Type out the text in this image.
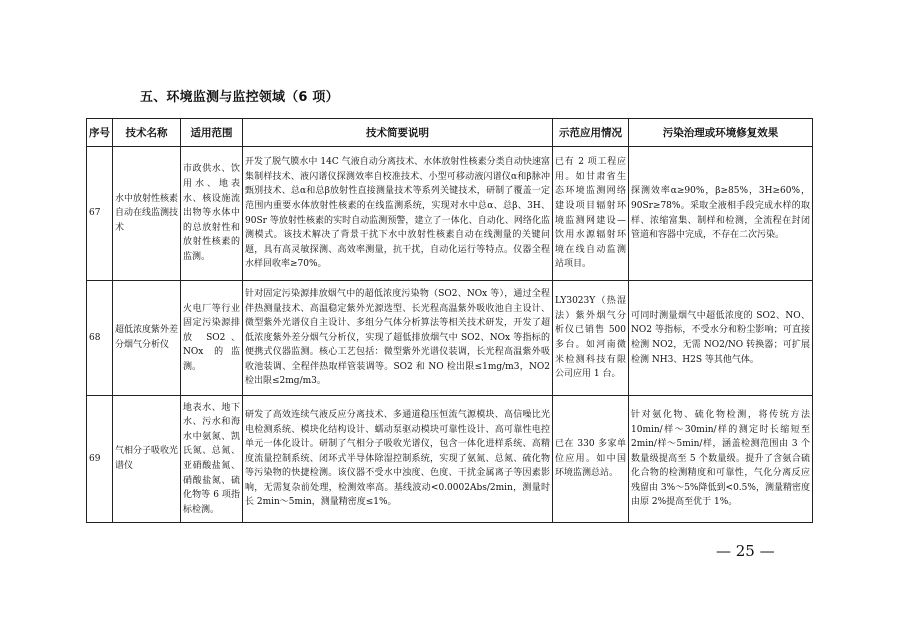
五、环境监测与监控领域（6 项）
序号	技术名称	适用范围	技术简要说明	示范应用情况	污染治理或环境修复效果
67	水中放射性核素自动在线监测技术	市政供水、饮用水、地表水、核设施流出物等水体中的总放射性和放射性核素的监测。	开发了脱气膜水中 14C 气液自动分离技术、水体放射性核素分类自动快速富集制样技术、液闪谱仪探测效率自校准技术、小型可移动液闪谱仪α和β脉冲甄别技术、总α和总β放射性直接测量技术等系列关键技术，研制了覆盖一定范围内重要水体放射性核素的在线监测系统，实现对水中总α、总β、3H、90Sr 等放射性核素的实时自动监测预警，建立了一体化、自动化、网络化监测模式。该技术解决了背景干扰下水中放射性核素自动在线测量的关键问题，具有高灵敏探测、高效率测量，抗干扰，自动化运行等特点。仪器全程水样回收率≥70%。	已有 2 项工程应用。如甘肃省生态环境监测网络建设项目辐射环境监测网建设—饮用水源辐射环境在线自动监测站项目。	探测效率α≥90%，β≥85%，3H≥60%，90Sr≥78%。采取全液相手段完成水样的取样、浓缩富集、制样和检测，全流程在封闭管道和容器中完成，不存在二次污染。
68	超低浓度紫外差分烟气分析仪	火电厂等行业固定污染源排放 SO2、NOx 的监测。	针对固定污染源排放烟气中的超低浓度污染物（SO2、NOx 等），通过全程伴热测量技术、高温稳定紫外光源选型、长光程高温紫外吸收池自主设计、微型紫外光谱仪自主设计、多组分气体分析算法等相关技术研发，开发了超低浓度紫外差分烟气分析仪，实现了超低排放烟气中 SO2、NOx 等指标的便携式仪器监测。核心工艺包括：微型紫外光谱仪装调，长光程高温紫外吸收池装调、全程伴热取样管装调等。SO2 和 NO 检出限≤1mg/m3，NO2 检出限≤2mg/m3。	LY3023Y（热湿法）紫外烟气分析仪已销售 500 多台。如河南微米检测科技有限公司应用 1 台。	可同时测量烟气中超低浓度的 SO2、NO、NO2 等指标，不受水分和粉尘影响；可直接检测 NO2，无需 NO2/NO 转换器；可扩展检测 NH3、H2S 等其他气体。
69	气相分子吸收光谱仪	地表水、地下水、污水和海水中氨氮、凯氏氮、总氮、亚硝酸盐氮、硝酸盐氮、硫化物等 6 项指标检测。	研发了高效连续气液反应分离技术、多通道稳压恒流气源模块、高信噪比光电检测系统、模块化结构设计、蠕动泵驱动模块可靠性设计、高可靠性电控单元一体化设计。研制了气相分子吸收光谱仪，包含一体化进样系统、高精度流量控制系统、闭环式半导体除湿控制系统，实现了氨氮、总氮、硫化物等污染物的快捷检测。该仪器不受水中浊度、色度、干扰金属离子等因素影响，无需复杂前处理，检测效率高。基线波动<0.0002Abs/2min，测量时长 2min～5min，测量精密度≤1%。	已在 330 多家单位应用。如中国环境监测总站。	针对氨化物、硫化物检测，将传统方法 10min/样～30min/样的测定时长缩短至 2min/样～5min/样，涵盖检测范围由 3 个数量级提高至 5 个数量级。提升了含氨合硫化合物的检测精度和可靠性，气化分离反应残留由 3%～5%降低到<0.5%，测量精密度由原 2%提高至优于 1%。
— 25 —
